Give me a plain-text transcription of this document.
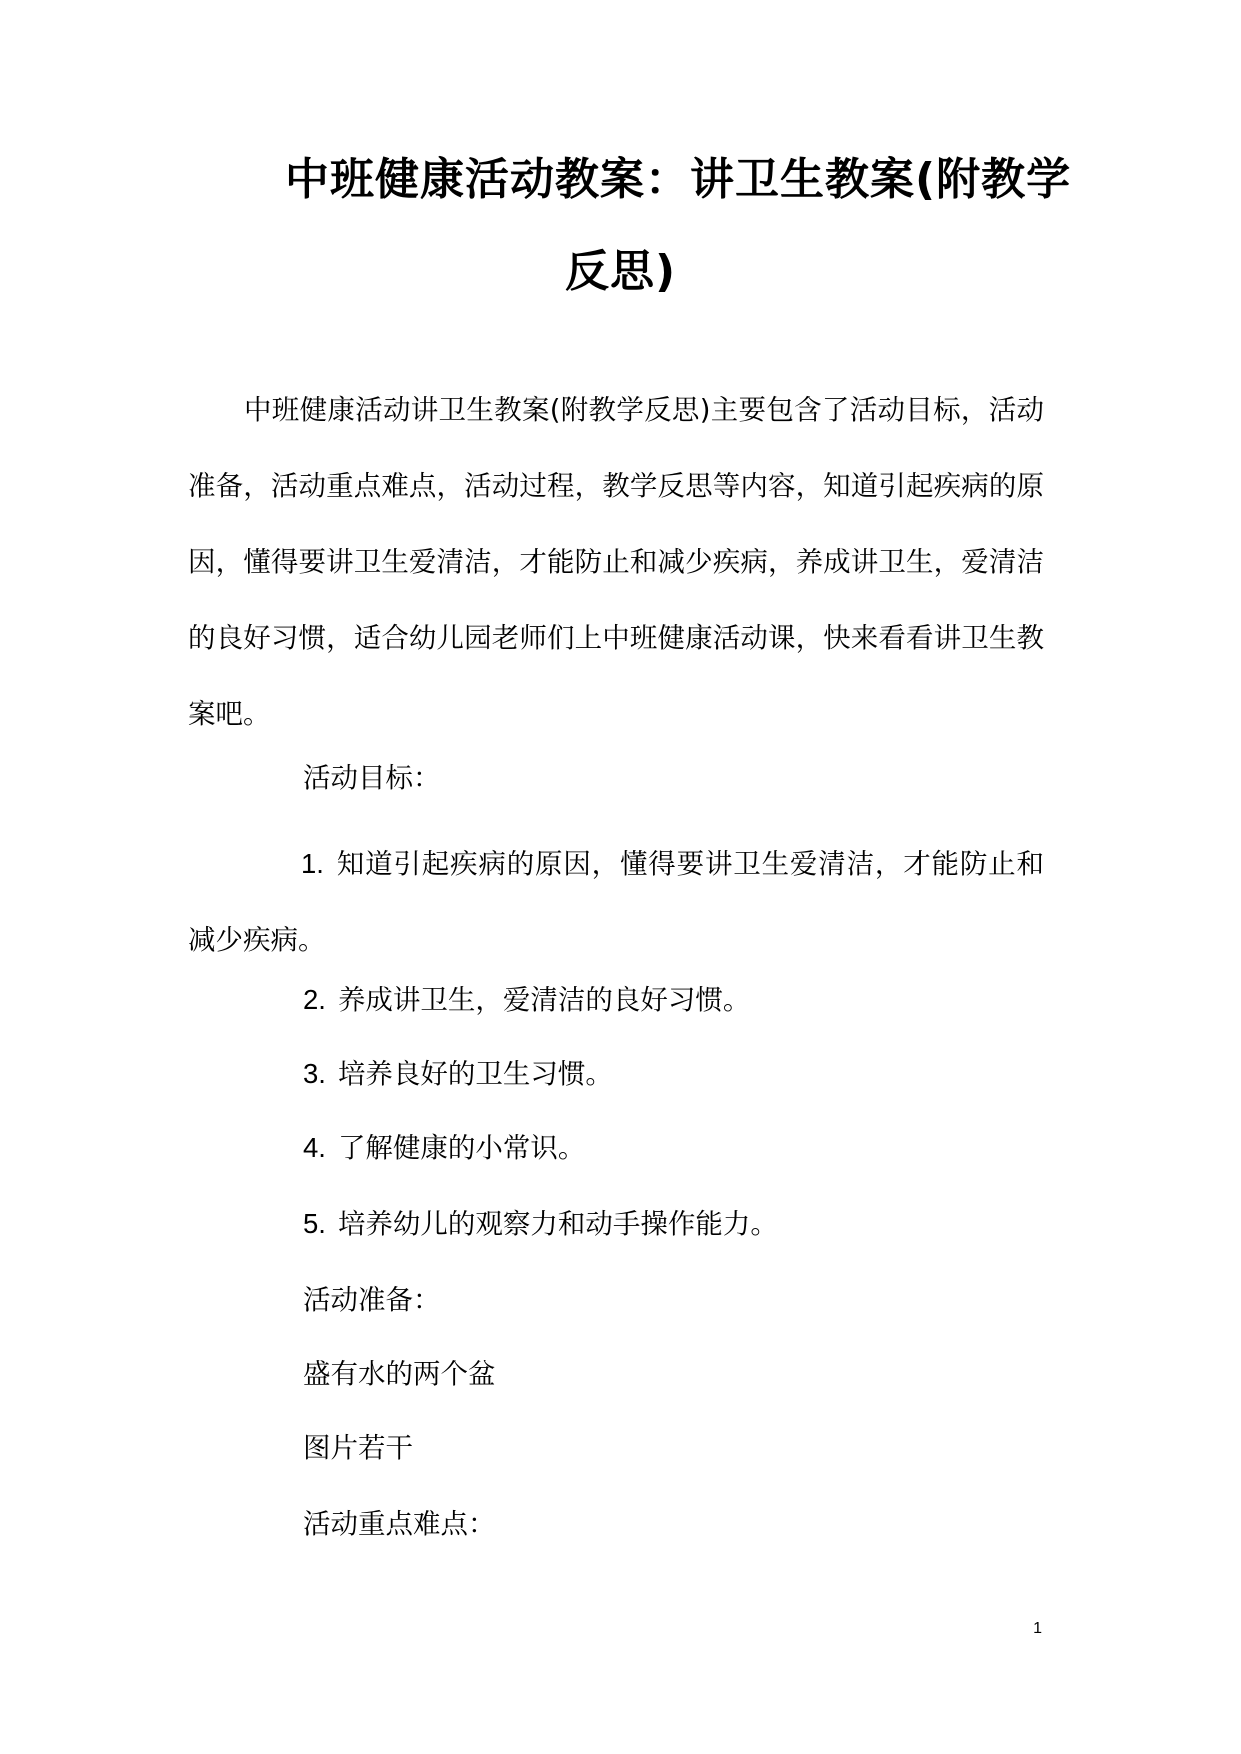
中班健康活动教案：讲卫生教案(附教学
反思)

中班健康活动讲卫生教案(附教学反思)主要包含了活动目标，活动准备，活动重点难点，活动过程，教学反思等内容，知道引起疾病的原因，懂得要讲卫生爱清洁，才能防止和减少疾病，养成讲卫生，爱清洁的良好习惯，适合幼儿园老师们上中班健康活动课，快来看看讲卫生教案吧。

活动目标：

1. 知道引起疾病的原因，懂得要讲卫生爱清洁，才能防止和减少疾病。

2. 养成讲卫生，爱清洁的良好习惯。

3. 培养良好的卫生习惯。

4. 了解健康的小常识。

5. 培养幼儿的观察力和动手操作能力。

活动准备：

盛有水的两个盆

图片若干

活动重点难点：

1
